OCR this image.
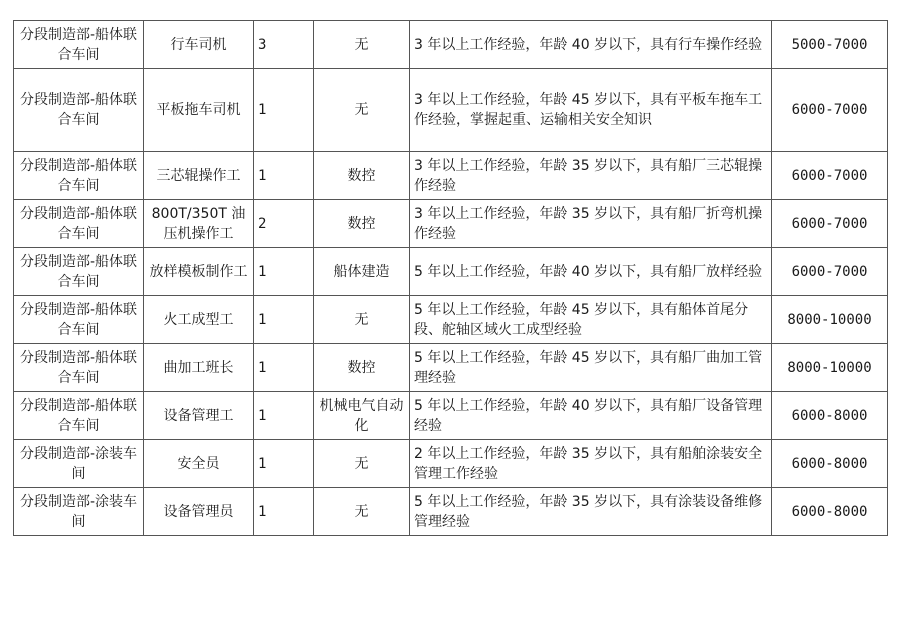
分段制造部-船体联合车间	行车司机	3	无	3 年以上工作经验，年龄 40 岁以下，具有行车操作经验	5000-7000
分段制造部-船体联合车间	平板拖车司机	1	无	3 年以上工作经验，年龄 45 岁以下，具有平板车拖车工作经验，掌握起重、运输相关安全知识	6000-7000
分段制造部-船体联合车间	三芯辊操作工	1	数控	3 年以上工作经验，年龄 35 岁以下，具有船厂三芯辊操作经验	6000-7000
分段制造部-船体联合车间	800T/350T 油压机操作工	2	数控	3 年以上工作经验，年龄 35 岁以下，具有船厂折弯机操作经验	6000-7000
分段制造部-船体联合车间	放样模板制作工	1	船体建造	5 年以上工作经验，年龄 40 岁以下，具有船厂放样经验	6000-7000
分段制造部-船体联合车间	火工成型工	1	无	5 年以上工作经验，年龄 45 岁以下，具有船体首尾分段、舵轴区域火工成型经验	8000-10000
分段制造部-船体联合车间	曲加工班长	1	数控	5 年以上工作经验，年龄 45 岁以下，具有船厂曲加工管理经验	8000-10000
分段制造部-船体联合车间	设备管理工	1	机械电气自动化	5 年以上工作经验，年龄 40 岁以下，具有船厂设备管理经验	6000-8000
分段制造部-涂装车间	安全员	1	无	2 年以上工作经验，年龄 35 岁以下，具有船舶涂装安全管理工作经验	6000-8000
分段制造部-涂装车间	设备管理员	1	无	5 年以上工作经验，年龄 35 岁以下，具有涂装设备维修管理经验	6000-8000
